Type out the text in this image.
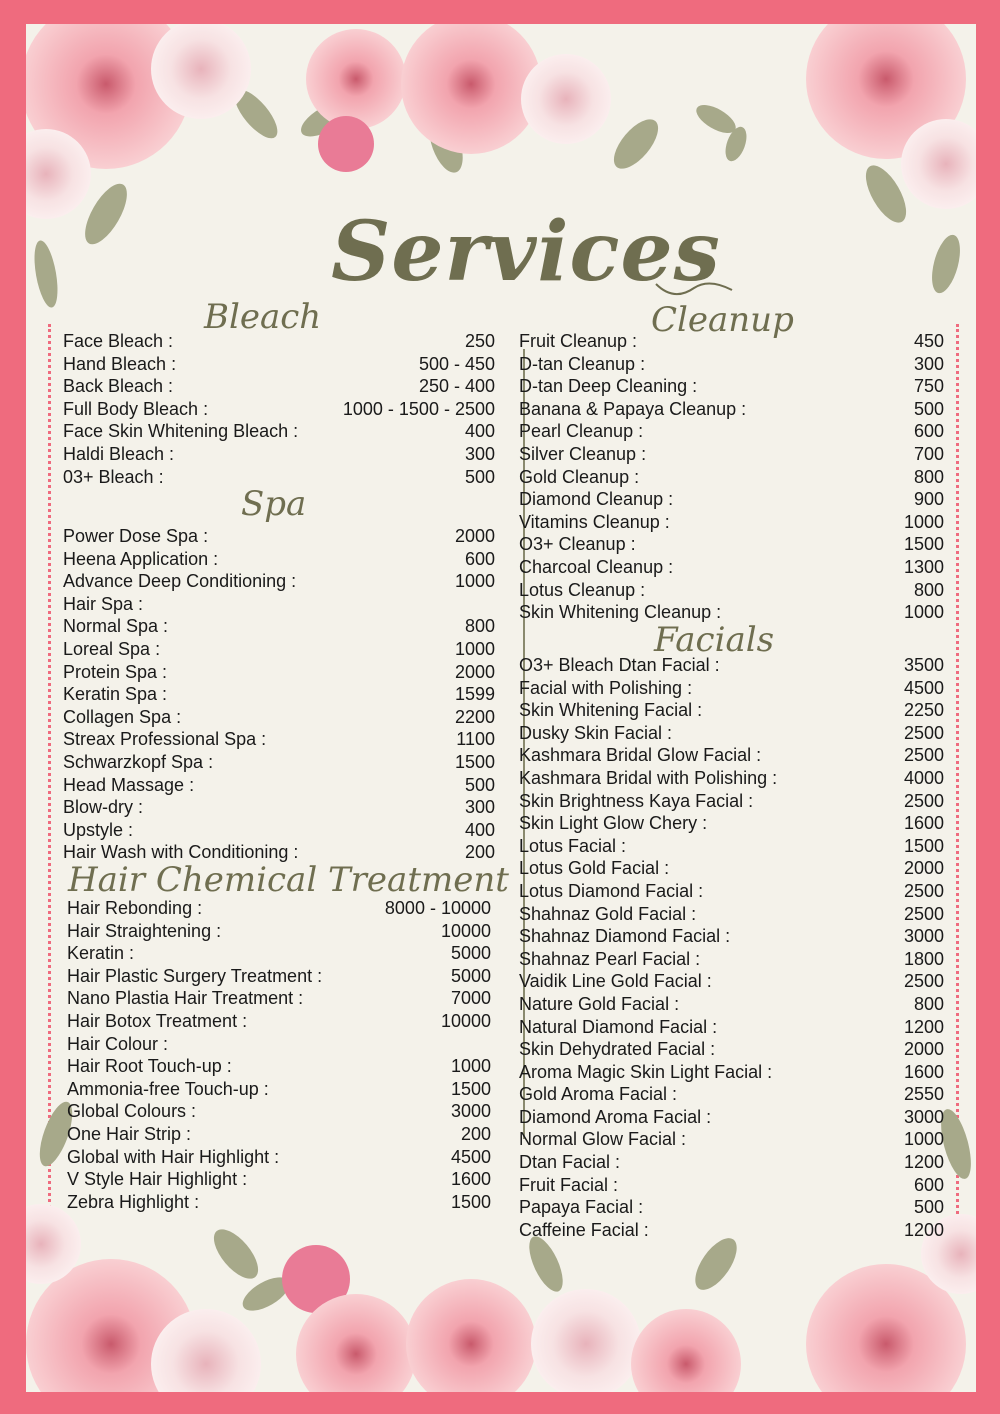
Services
Bleach
Face Bleach :	250
Hand Bleach :	500 - 450
Back Bleach :	250 - 400
Full Body Bleach :	1000 - 1500 - 2500
Face Skin Whitening Bleach :	400
Haldi Bleach :	300
03+ Bleach :	500
Spa
Power Dose Spa :	2000
Heena Application :	600
Advance Deep Conditioning :	1000
Hair Spa :
Normal Spa :	800
Loreal Spa :	1000
Protein Spa :	2000
Keratin Spa :	1599
Collagen Spa :	2200
Streax Professional Spa :	1100
Schwarzkopf Spa :	1500
Head Massage :	500
Blow-dry :	300
Upstyle :	400
Hair Wash with Conditioning :	200
Hair Chemical Treatment
Hair Rebonding :	8000 - 10000
Hair Straightening :	10000
Keratin :	5000
Hair Plastic Surgery Treatment :	5000
Nano Plastia Hair Treatment :	7000
Hair Botox Treatment :	10000
Hair Colour :
Hair Root Touch-up :	1000
Ammonia-free Touch-up :	1500
Global Colours :	3000
One Hair Strip :	200
Global with Hair Highlight :	4500
V Style Hair Highlight :	1600
Zebra Highlight :	1500
Cleanup
Fruit Cleanup :	450
D-tan Cleanup :	300
D-tan Deep Cleaning :	750
Banana & Papaya Cleanup :	500
Pearl Cleanup :	600
Silver Cleanup :	700
Gold Cleanup :	800
Diamond Cleanup :	900
Vitamins Cleanup :	1000
O3+ Cleanup :	1500
Charcoal Cleanup :	1300
Lotus Cleanup :	800
Skin Whitening Cleanup :	1000
Facials
O3+ Bleach Dtan Facial :	3500
Facial with Polishing :	4500
Skin Whitening Facial :	2250
Dusky Skin Facial :	2500
Kashmara Bridal Glow Facial :	2500
Kashmara Bridal with Polishing :	4000
Skin Brightness Kaya Facial :	2500
Skin Light Glow Chery :	1600
Lotus Facial :	1500
Lotus Gold Facial :	2000
Lotus Diamond Facial :	2500
Shahnaz Gold Facial :	2500
Shahnaz Diamond Facial :	3000
Shahnaz Pearl Facial :	1800
Vaidik Line Gold Facial :	2500
Nature Gold Facial :	800
Natural Diamond Facial :	1200
Skin Dehydrated Facial :	2000
Aroma Magic Skin Light Facial :	1600
Gold Aroma Facial :	2550
Diamond Aroma Facial :	3000
Normal Glow Facial :	1000
Dtan Facial :	1200
Fruit Facial :	600
Papaya Facial :	500
Caffeine Facial :	1200
